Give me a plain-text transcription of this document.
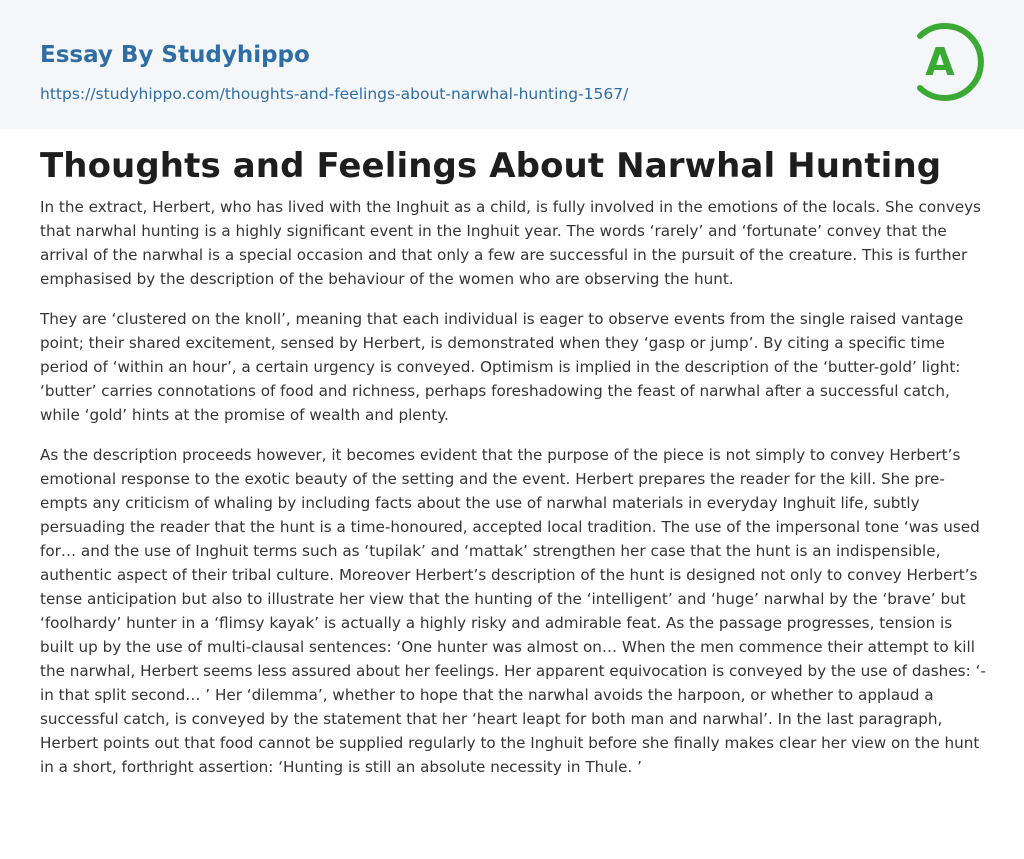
Essay By Studyhippo
https://studyhippo.com/thoughts-and-feelings-about-narwhal-hunting-1567/
A
Thoughts and Feelings About Narwhal Hunting

In the extract, Herbert, who has lived with the Inghuit as a child, is fully involved in the emotions of the locals. She conveys that narwhal hunting is a highly significant event in the Inghuit year. The words ‘rarely’ and ‘fortunate’ convey that the arrival of the narwhal is a special occasion and that only a few are successful in the pursuit of the creature. This is further emphasised by the description of the behaviour of the women who are observing the hunt.

They are ‘clustered on the knoll’, meaning that each individual is eager to observe events from the single raised vantage point; their shared excitement, sensed by Herbert, is demonstrated when they ‘gasp or jump’. By citing a specific time period of ‘within an hour’, a certain urgency is conveyed. Optimism is implied in the description of the ‘butter-gold’ light: ‘butter’ carries connotations of food and richness, perhaps foreshadowing the feast of narwhal after a successful catch, while ‘gold’ hints at the promise of wealth and plenty.

As the description proceeds however, it becomes evident that the purpose of the piece is not simply to convey Herbert’s emotional response to the exotic beauty of the setting and the event. Herbert prepares the reader for the kill. She pre-empts any criticism of whaling by including facts about the use of narwhal materials in everyday Inghuit life, subtly persuading the reader that the hunt is a time-honoured, accepted local tradition. The use of the impersonal tone ‘was used for… and the use of Inghuit terms such as ‘tupilak’ and ‘mattak’ strengthen her case that the hunt is an indispensible, authentic aspect of their tribal culture. Moreover Herbert’s description of the hunt is designed not only to convey Herbert’s tense anticipation but also to illustrate her view that the hunting of the ‘intelligent’ and ‘huge’ narwhal by the ‘brave’ but ‘foolhardy’ hunter in a ‘flimsy kayak’ is actually a highly risky and admirable feat. As the passage progresses, tension is built up by the use of multi-clausal sentences: ‘One hunter was almost on… When the men commence their attempt to kill the narwhal, Herbert seems less assured about her feelings. Her apparent equivocation is conveyed by the use of dashes: ‘-in that split second… ’ Her ‘dilemma’, whether to hope that the narwhal avoids the harpoon, or whether to applaud a successful catch, is conveyed by the statement that her ‘heart leapt for both man and narwhal’. In the last paragraph, Herbert points out that food cannot be supplied regularly to the Inghuit before she finally makes clear her view on the hunt in a short, forthright assertion: ‘Hunting is still an absolute necessity in Thule. ’
